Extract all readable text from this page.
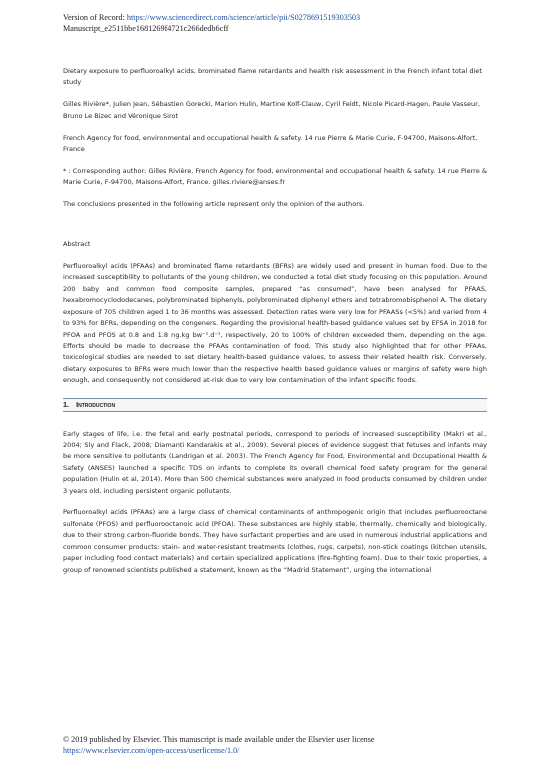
Version of Record: https://www.sciencedirect.com/science/article/pii/S0278691519303503
Manuscript_e2511bbe1681269f4721c266dedb6cff

Dietary exposure to perfluoroalkyl acids, brominated flame retardants and health risk assessment in the French infant total diet study

Gilles Rivière*, Julien Jean, Sébastien Gorecki, Marion Hulin, Martine Kolf-Clauw, Cyril Feidt, Nicole Picard-Hagen, Paule Vasseur, Bruno Le Bizec and Véronique Sirot

French Agency for food, environmental and occupational health & safety. 14 rue Pierre & Marie Curie, F-94700, Maisons-Alfort, France

* : Corresponding author: Gilles Rivière, French Agency for food, environmental and occupational health & safety. 14 rue Pierre & Marie Curie, F-94700, Maisons-Alfort, France. gilles.riviere@anses.fr

The conclusions presented in the following article represent only the opinion of the authors.

Abstract

Perfluoroalkyl acids (PFAAs) and brominated flame retardants (BFRs) are widely used and present in human food. Due to the increased susceptibility to pollutants of the young children, we conducted a total diet study focusing on this population. Around 200 baby and common food composite samples, prepared “as consumed”, have been analysed for PFAAS, hexabromocyclododecanes, polybrominated biphenyls, polybrominated diphenyl ethers and tetrabromobisphenol A. The dietary exposure of 705 children aged 1 to 36 months was assessed. Detection rates were very low for PFAASs (<5%) and varied from 4 to 93% for BFRs, depending on the congeners. Regarding the provisional health-based guidance values set by EFSA in 2018 for PFOA and PFOS at 0.8 and 1.8 ng.kg bw⁻¹.d⁻¹, respectively, 20 to 100% of children exceeded them, depending on the age. Efforts should be made to decrease the PFAAs contamination of food. This study also highlighted that for other PFAAs, toxicological studies are needed to set dietary health-based guidance values, to assess their related health risk. Conversely, dietary exposures to BFRs were much lower than the respective health based guidance values or margins of safety were high enough, and consequently not considered at-risk due to very low contamination of the infant specific foods.

1. Introduction

Early stages of life, i.e. the fetal and early postnatal periods, correspond to periods of increased susceptibility (Makri et al., 2004; Sly and Flack, 2008; Diamanti Kandarakis et al., 2009). Several pieces of evidence suggest that fetuses and infants may be more sensitive to pollutants (Landrigan et al. 2003). The French Agency for Food, Environmental and Occupational Health & Safety (ANSES) launched a specific TDS on infants to complete its overall chemical food safety program for the general population (Hulin et al, 2014). More than 500 chemical substances were analyzed in food products consumed by children under 3 years old, including persistent organic pollutants.

Perfluoroalkyl acids (PFAAs) are a large class of chemical contaminants of anthropogenic origin that includes perfluorooctane sulfonate (PFOS) and perfluorooctanoic acid (PFOA). These substances are highly stable, thermally, chemically and biologically, due to their strong carbon-fluoride bonds. They have surfactant properties and are used in numerous industrial applications and common consumer products: stain- and water-resistant treatments (clothes, rugs, carpets), non-stick coatings (kitchen utensils, paper including food contact materials) and certain specialized applications (fire-fighting foam). Due to their toxic properties, a group of renowned scientists published a statement, known as the “Madrid Statement”, urging the international

© 2019 published by Elsevier. This manuscript is made available under the Elsevier user license
https://www.elsevier.com/open-access/userlicense/1.0/
